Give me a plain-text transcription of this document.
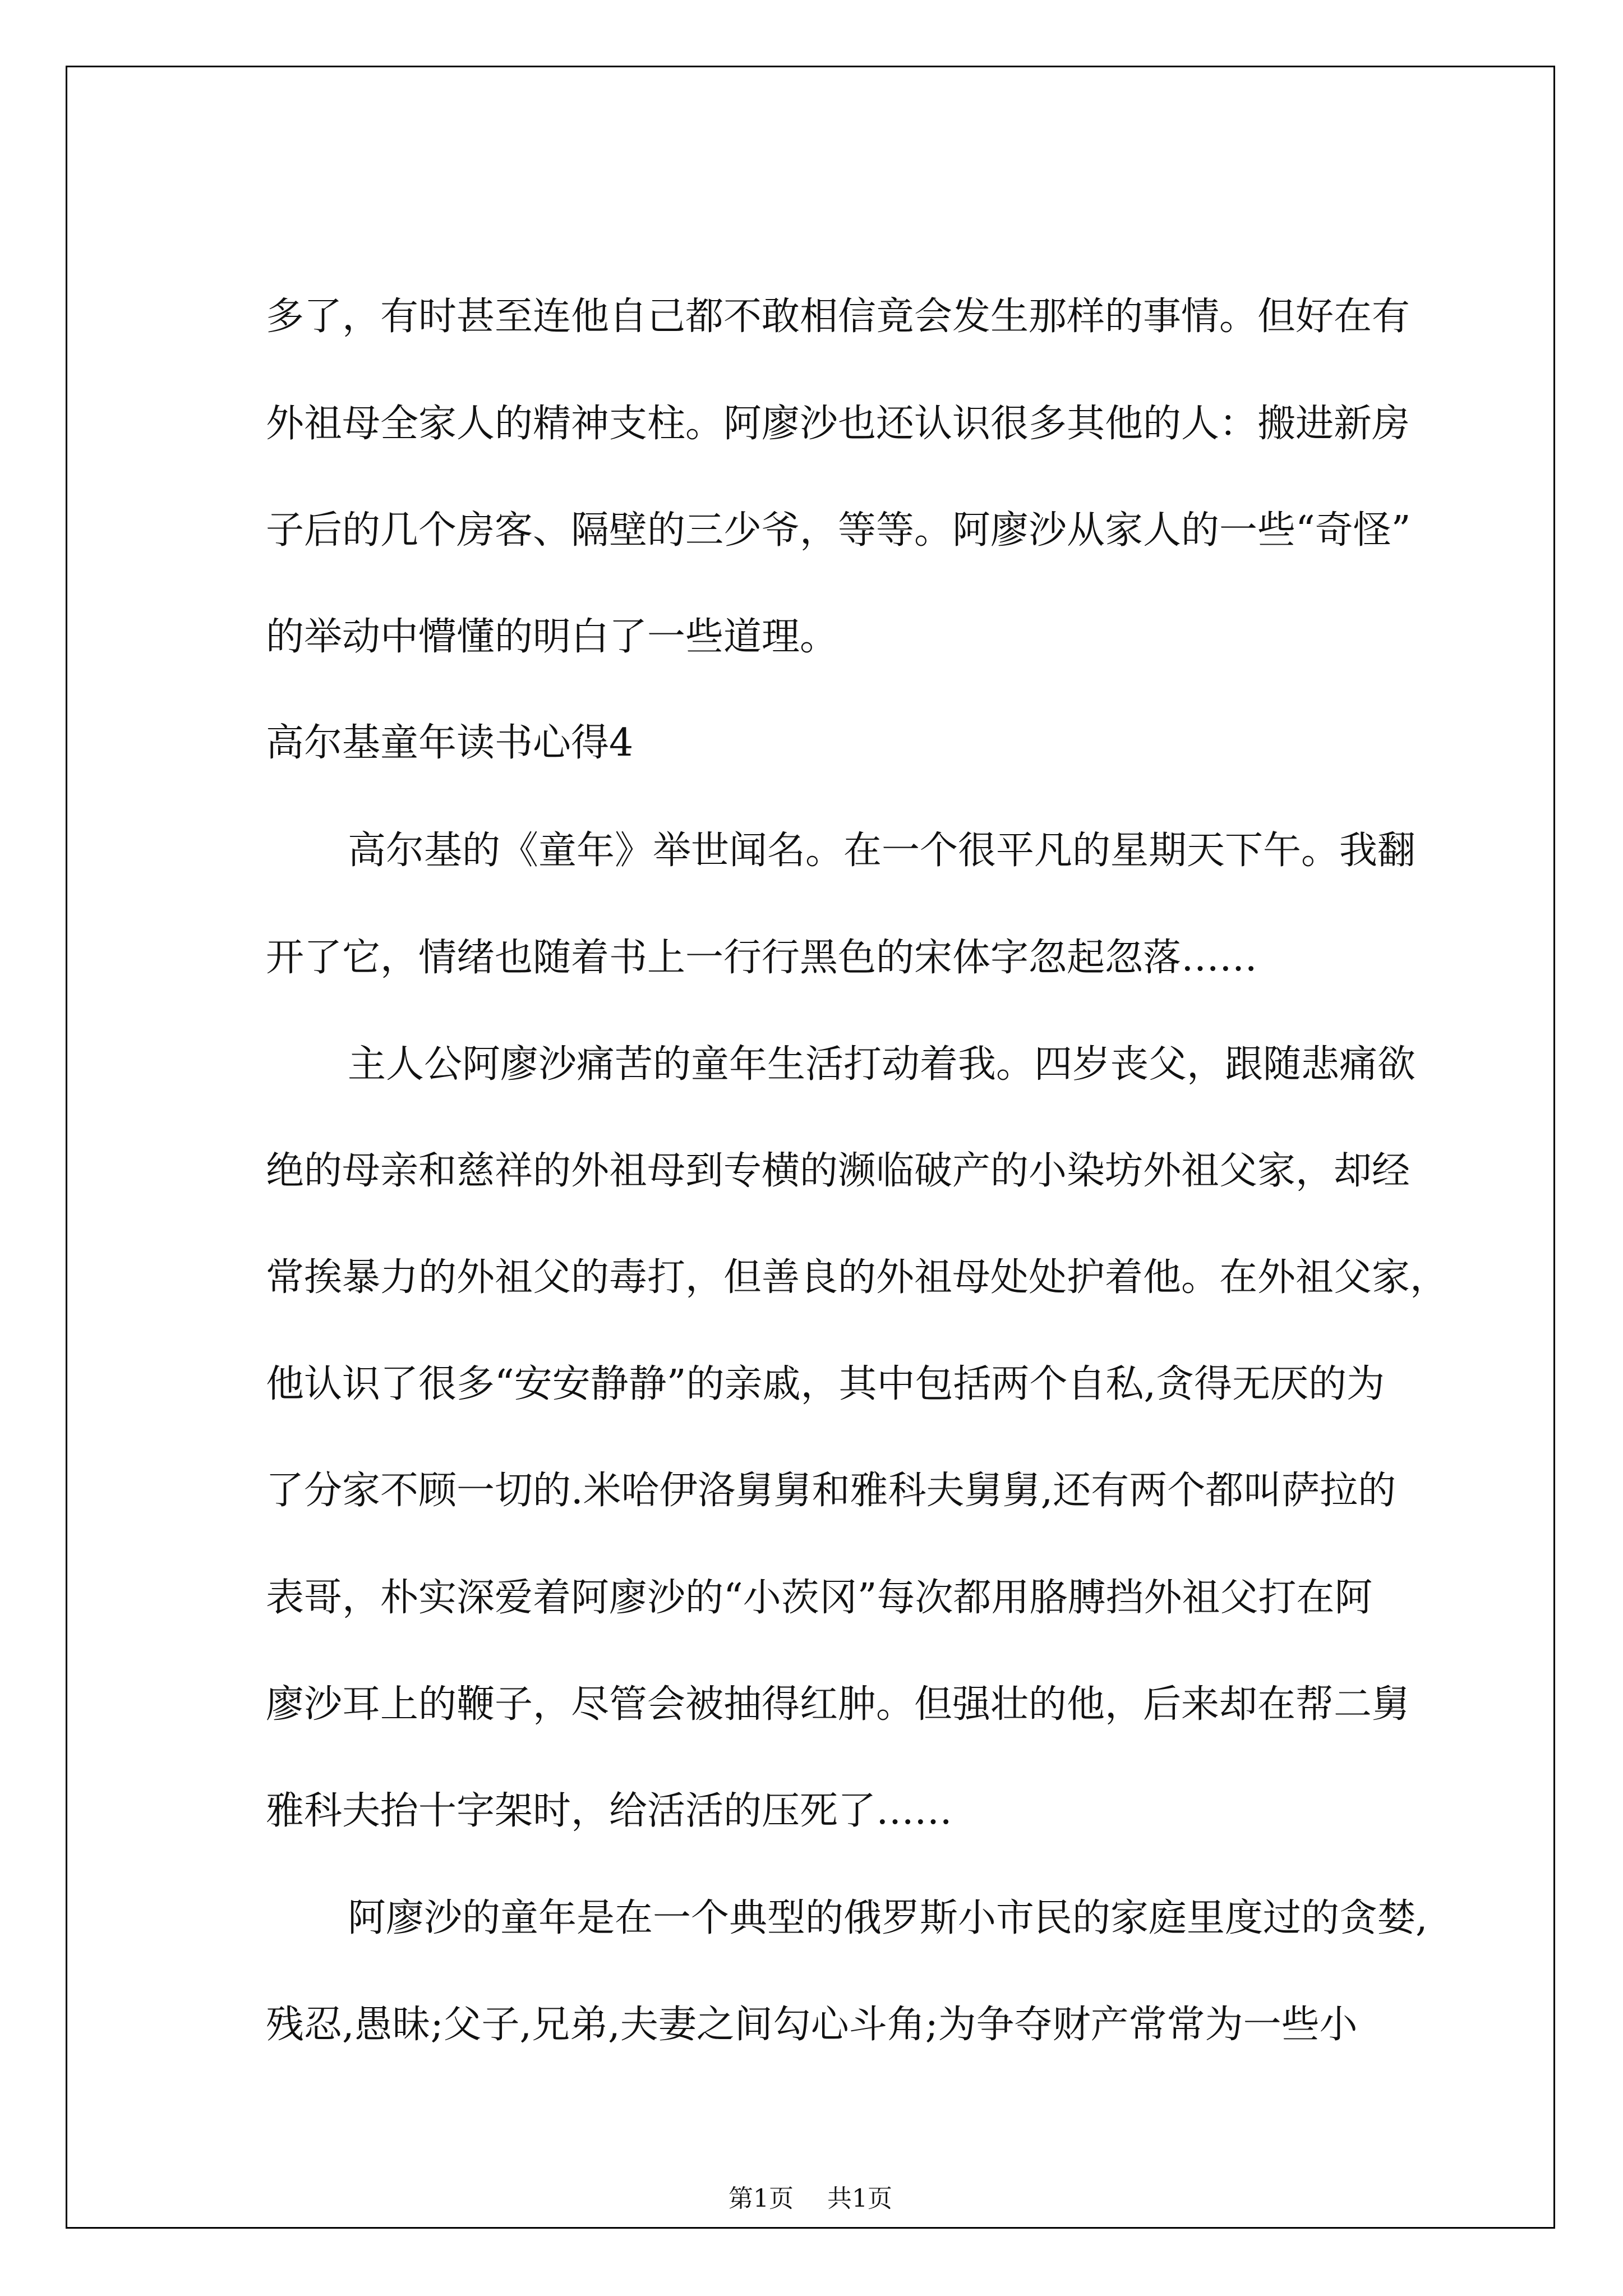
多了，有时甚至连他自己都不敢相信竟会发生那样的事情。但好在有
外祖母全家人的精神支柱。阿廖沙也还认识很多其他的人：搬进新房
子后的几个房客、隔壁的三少爷，等等。阿廖沙从家人的一些“奇怪”
的举动中懵懂的明白了一些道理。
高尔基童年读书心得4
高尔基的《童年》举世闻名。在一个很平凡的星期天下午。我翻
开了它，情绪也随着书上一行行黑色的宋体字忽起忽落……
主人公阿廖沙痛苦的童年生活打动着我。四岁丧父，跟随悲痛欲
绝的母亲和慈祥的外祖母到专横的濒临破产的小染坊外祖父家，却经
常挨暴力的外祖父的毒打，但善良的外祖母处处护着他。在外祖父家，
他认识了很多“安安静静”的亲戚，其中包括两个自私,贪得无厌的为
了分家不顾一切的.米哈伊洛舅舅和雅科夫舅舅,还有两个都叫萨拉的
表哥，朴实深爱着阿廖沙的“小茨冈”每次都用胳膊挡外祖父打在阿
廖沙耳上的鞭子，尽管会被抽得红肿。但强壮的他，后来却在帮二舅
雅科夫抬十字架时，给活活的压死了……
阿廖沙的童年是在一个典型的俄罗斯小市民的家庭里度过的贪婪,
残忍,愚昧;父子,兄弟,夫妻之间勾心斗角;为争夺财产常常为一些小
第1页 共1页
